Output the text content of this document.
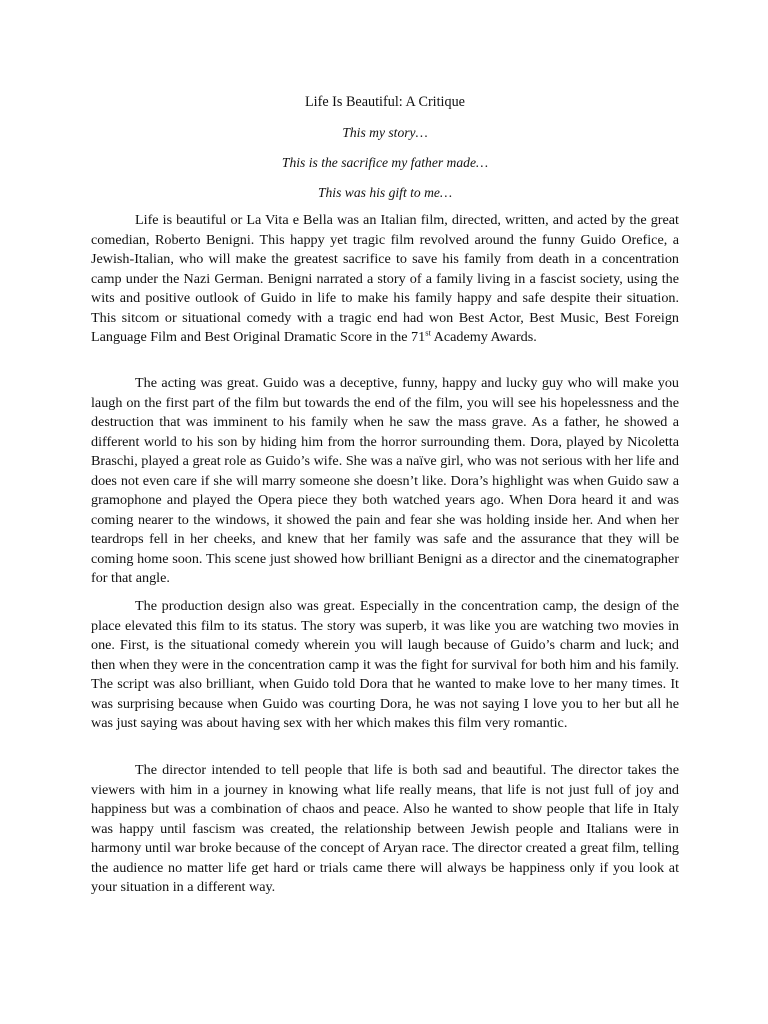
Life Is Beautiful: A Critique
This my story…
This is the sacrifice my father made…
This was his gift to me…

Life is beautiful or La Vita e Bella was an Italian film, directed, written, and acted by the great comedian, Roberto Benigni. This happy yet tragic film revolved around the funny Guido Orefice, a Jewish-Italian, who will make the greatest sacrifice to save his family from death in a concentration camp under the Nazi German. Benigni narrated a story of a family living in a fascist society, using the wits and positive outlook of Guido in life to make his family happy and safe despite their situation. This sitcom or situational comedy with a tragic end had won Best Actor, Best Music, Best Foreign Language Film and Best Original Dramatic Score in the 71st Academy Awards.

The acting was great. Guido was a deceptive, funny, happy and lucky guy who will make you laugh on the first part of the film but towards the end of the film, you will see his hopelessness and the destruction that was imminent to his family when he saw the mass grave. As a father, he showed a different world to his son by hiding him from the horror surrounding them. Dora, played by Nicoletta Braschi, played a great role as Guido’s wife. She was a naïve girl, who was not serious with her life and does not even care if she will marry someone she doesn’t like. Dora’s highlight was when Guido saw a gramophone and played the Opera piece they both watched years ago. When Dora heard it and was coming nearer to the windows, it showed the pain and fear she was holding inside her. And when her teardrops fell in her cheeks, and knew that her family was safe and the assurance that they will be coming home soon. This scene just showed how brilliant Benigni as a director and the cinematographer for that angle.

The production design also was great. Especially in the concentration camp, the design of the place elevated this film to its status. The story was superb, it was like you are watching two movies in one. First, is the situational comedy wherein you will laugh because of Guido’s charm and luck; and then when they were in the concentration camp it was the fight for survival for both him and his family. The script was also brilliant, when Guido told Dora that he wanted to make love to her many times. It was surprising because when Guido was courting Dora, he was not saying I love you to her but all he was just saying was about having sex with her which makes this film very romantic.

The director intended to tell people that life is both sad and beautiful. The director takes the viewers with him in a journey in knowing what life really means, that life is not just full of joy and happiness but was a combination of chaos and peace. Also he wanted to show people that life in Italy was happy until fascism was created, the relationship between Jewish people and Italians were in harmony until war broke because of the concept of Aryan race. The director created a great film, telling the audience no matter life get hard or trials came there will always be happiness only if you look at your situation in a different way.
